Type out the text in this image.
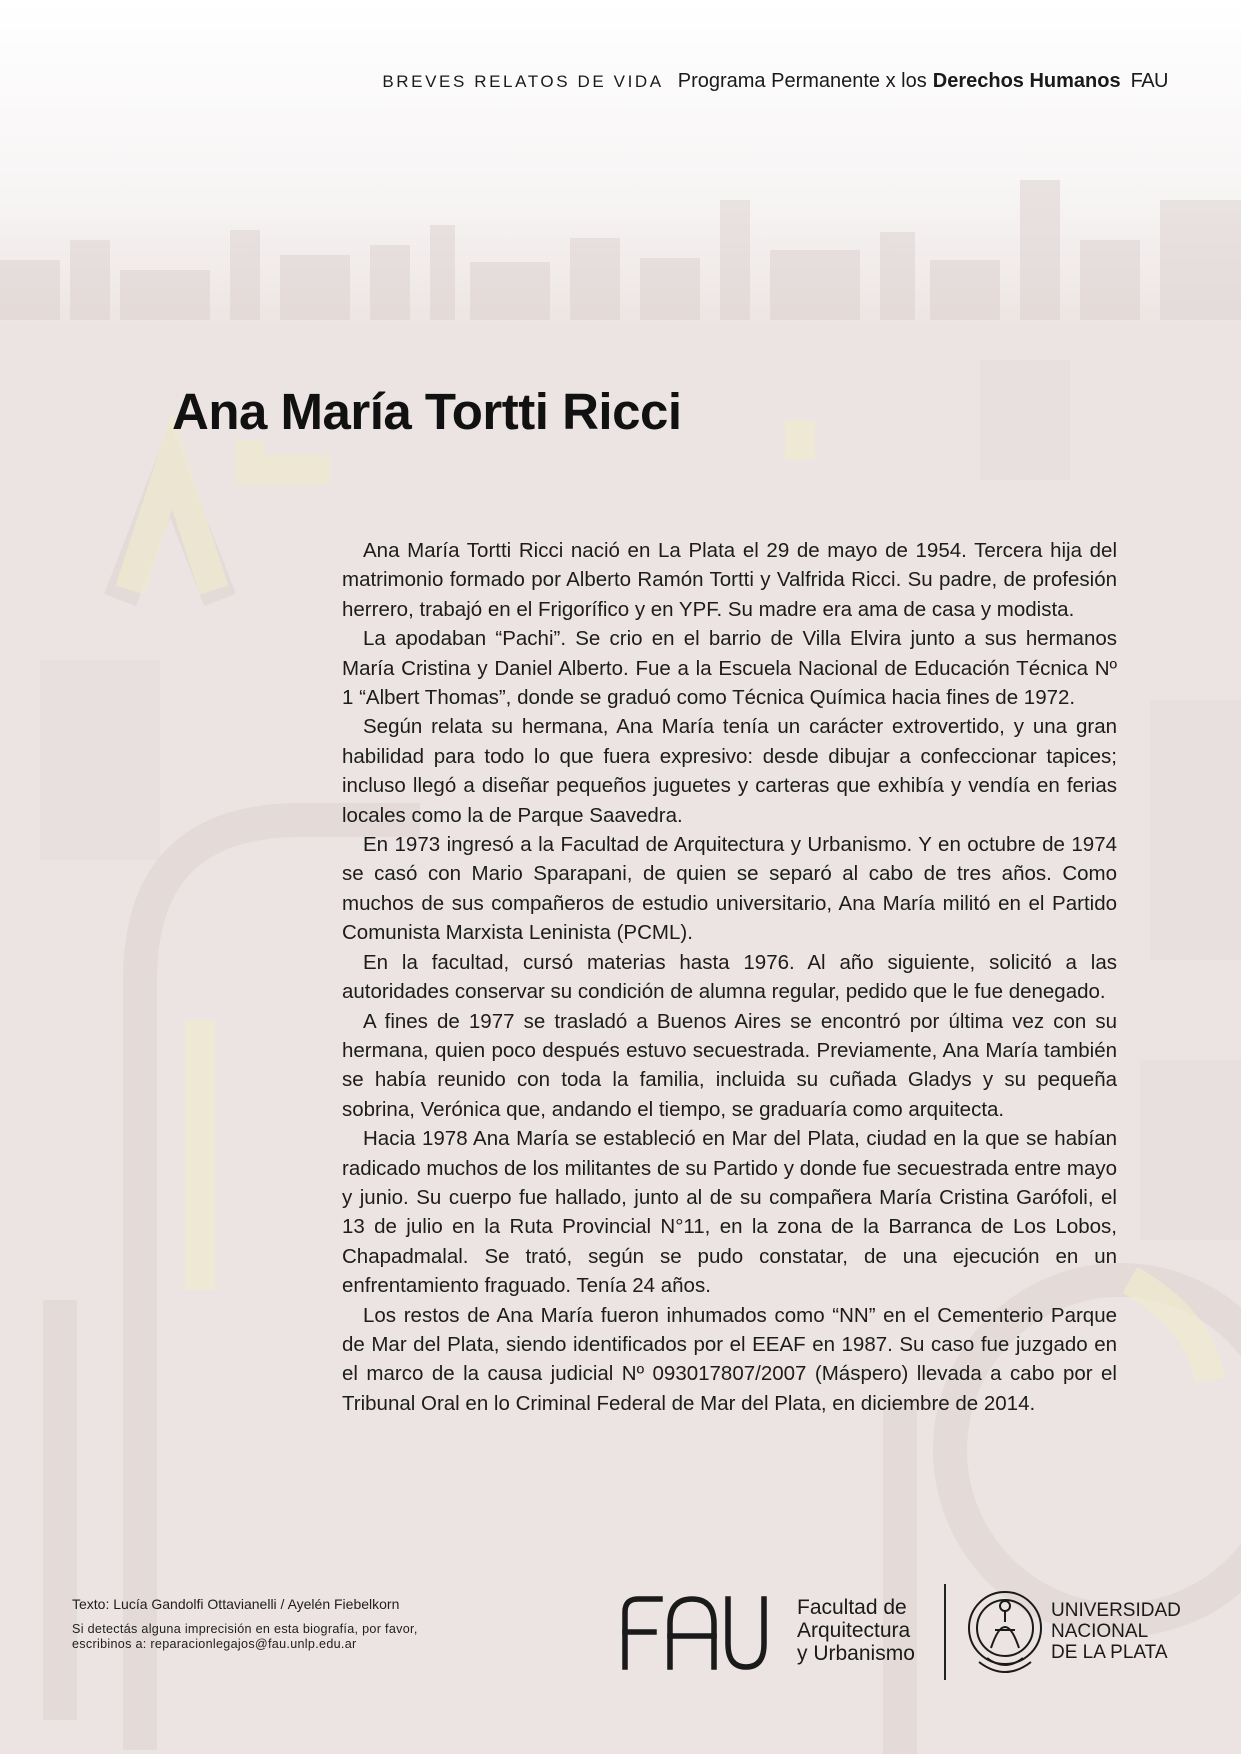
BREVES RELATOS DE VIDA Programa Permanente x los Derechos Humanos FAU
Ana María Tortti Ricci

Ana María Tortti Ricci nació en La Plata el 29 de mayo de 1954. Tercera hija del matrimonio formado por Alberto Ramón Tortti y Valfrida Ricci. Su padre, de profesión herrero, trabajó en el Frigorífico y en YPF. Su madre era ama de casa y modista.

La apodaban “Pachi”. Se crio en el barrio de Villa Elvira junto a sus hermanos María Cristina y Daniel Alberto. Fue a la Escuela Nacional de Educación Técnica Nº 1 “Albert Thomas”, donde se graduó como Técnica Química hacia fines de 1972.

Según relata su hermana, Ana María tenía un carácter extrovertido, y una gran habilidad para todo lo que fuera expresivo: desde dibujar a confeccionar tapices; incluso llegó a diseñar pequeños juguetes y carteras que exhibía y vendía en ferias locales como la de Parque Saavedra.

En 1973 ingresó a la Facultad de Arquitectura y Urbanismo. Y en octubre de 1974 se casó con Mario Sparapani, de quien se separó al cabo de tres años. Como muchos de sus compañeros de estudio universitario, Ana María militó en el Partido Comunista Marxista Leninista (PCML).

En la facultad, cursó materias hasta 1976. Al año siguiente, solicitó a las autoridades conservar su condición de alumna regular, pedido que le fue denegado.

A fines de 1977 se trasladó a Buenos Aires se encontró por última vez con su hermana, quien poco después estuvo secuestrada. Previamente, Ana María también se había reunido con toda la familia, incluida su cuñada Gladys y su pequeña sobrina, Verónica que, andando el tiempo, se graduaría como arquitecta.

Hacia 1978 Ana María se estableció en Mar del Plata, ciudad en la que se habían radicado muchos de los militantes de su Partido y donde fue secuestrada entre mayo y junio. Su cuerpo fue hallado, junto al de su compañera María Cristina Garófoli, el 13 de julio en la Ruta Provincial N°11, en la zona de la Barranca de Los Lobos, Chapadmalal. Se trató, según se pudo constatar, de una ejecución en un enfrentamiento fraguado. Tenía 24 años.

Los restos de Ana María fueron inhumados como “NN” en el Cementerio Parque de Mar del Plata, siendo identificados por el EEAF en 1987. Su caso fue juzgado en el marco de la causa judicial Nº 093017807/2007 (Máspero) llevada a cabo por el Tribunal Oral en lo Criminal Federal de Mar del Plata, en diciembre de 2014.

Texto: Lucía Gandolfi Ottavianelli / Ayelén Fiebelkorn

Si detectás alguna imprecisión en esta biografía, por favor, escribinos a: reparacionlegajos@fau.unlp.edu.ar

Facultad de
Arquitectura
y Urbanismo
UNIVERSIDAD
NACIONAL
DE LA PLATA
